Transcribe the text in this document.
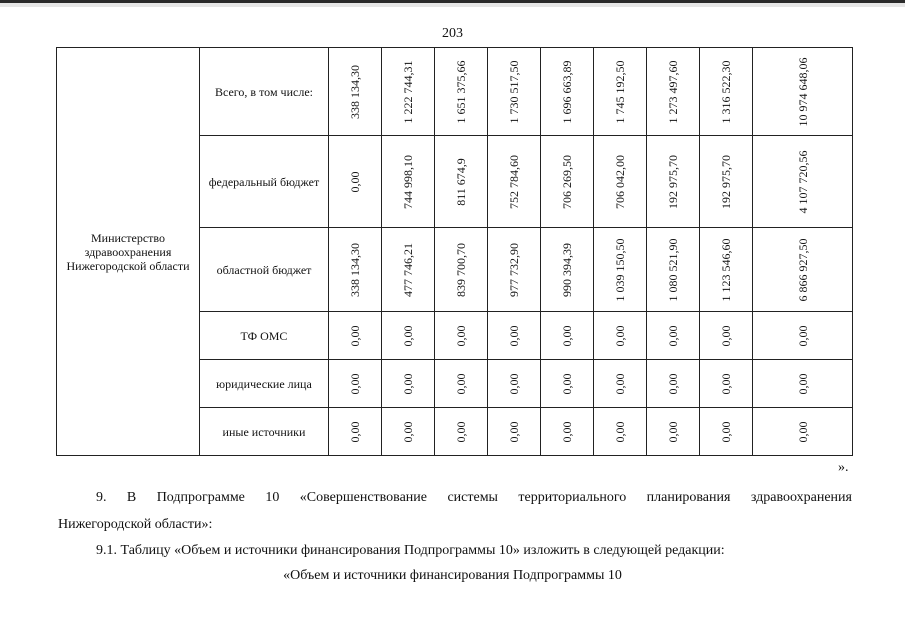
203
Министерство
здравоохранения
Нижегородской области	Всего, в том числе:	338 134,30	1 222 744,31	1 651 375,66	1 730 517,50	1 696 663,89	1 745 192,50	1 273 497,60	1 316 522,30	10 974 648,06

	федеральный бюджет	0,00	744 998,10	811 674,9	752 784,60	706 269,50	706 042,00	192 975,70	192 975,70	4 107 720,56

	областной бюджет	338 134,30	477 746,21	839 700,70	977 732,90	990 394,39	1 039 150,50	1 080 521,90	1 123 546,60	6 866 927,50

	ТФ ОМС	0,00	0,00	0,00	0,00	0,00	0,00	0,00	0,00	0,00

	юридические лица	0,00	0,00	0,00	0,00	0,00	0,00	0,00	0,00	0,00

	иные источники	0,00	0,00	0,00	0,00	0,00	0,00	0,00	0,00	0,00
».
9. В Подпрограмме 10 «Совершенствование системы территориального планирования здравоохранения
Нижегородской области»:
9.1. Таблицу «Объем и источники финансирования Подпрограммы 10» изложить в следующей редакции:
«Объем и источники финансирования Подпрограммы 10
